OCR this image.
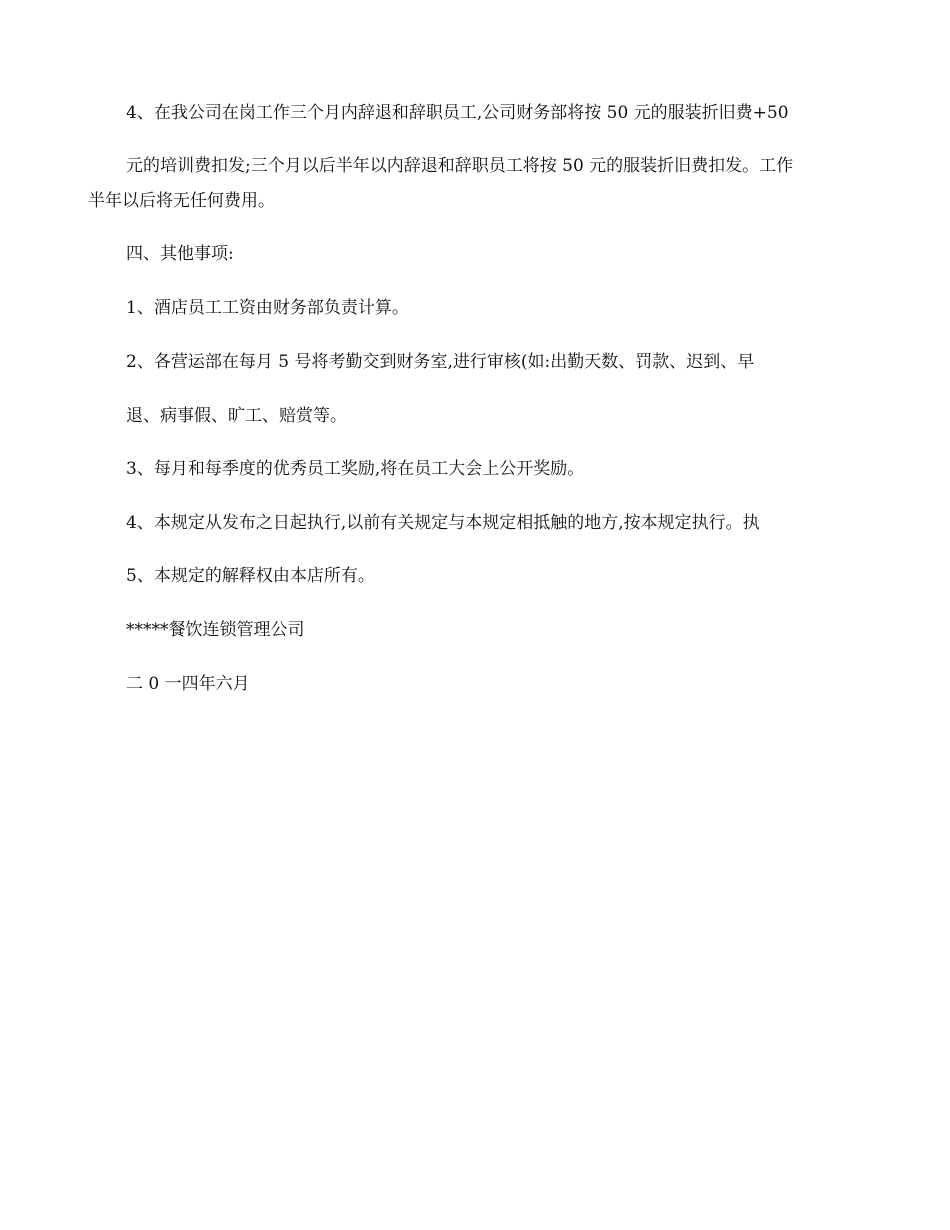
4、在我公司在岗工作三个月内辞退和辞职员工,公司财务部将按 50 元的服装折旧费+50
元的培训费扣发;三个月以后半年以内辞退和辞职员工将按 50 元的服装折旧费扣发。工作
半年以后将无任何费用。
四、其他事项:
1、酒店员工工资由财务部负责计算。
2、各营运部在每月 5 号将考勤交到财务室,进行审核(如:出勤天数、罚款、迟到、早
退、病事假、旷工、赔赏等。
3、每月和每季度的优秀员工奖励,将在员工大会上公开奖励。
4、本规定从发布之日起执行,以前有关规定与本规定相抵触的地方,按本规定执行。执
5、本规定的解释权由本店所有。
*****餐饮连锁管理公司
二 0 一四年六月
